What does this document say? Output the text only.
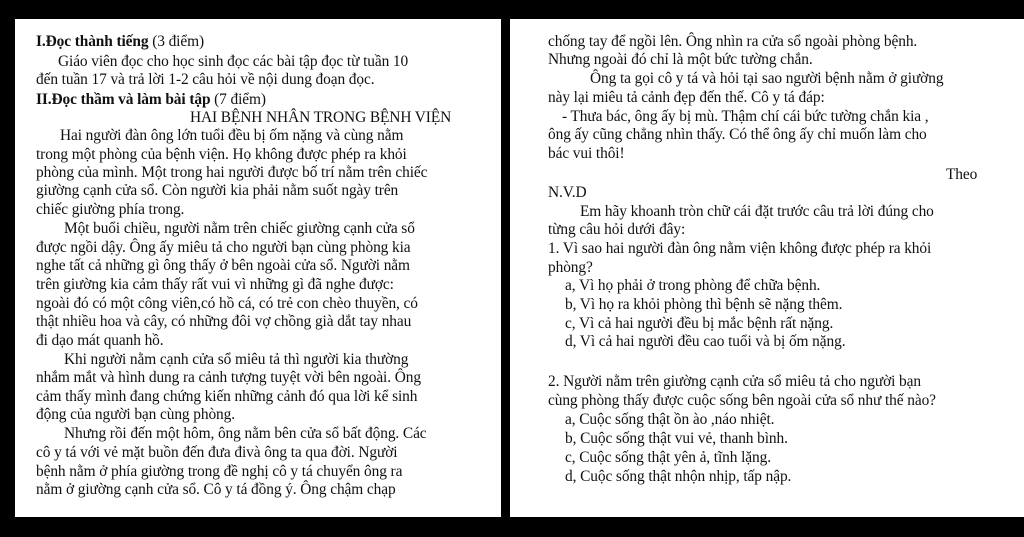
I.Đọc thành tiếng (3 điểm)
Giáo viên đọc cho học sinh đọc các bài tập đọc từ tuần 10
đến tuần 17 và trả lời 1-2 câu hỏi về nội dung đoạn đọc.
II.Đọc thầm và làm bài tập (7 điểm)
HAI BỆNH NHÂN TRONG BỆNH VIỆN
Hai người đàn ông lớn tuổi đều bị ốm nặng và cùng nằm
trong một phòng của bệnh viện. Họ không được phép ra khỏi
phòng của mình. Một trong hai người được bố trí nằm trên chiếc
giường cạnh cửa sổ. Còn người kia phải nằm suốt ngày trên
chiếc giường phía trong.
Một buổi chiều, người nằm trên chiếc giường cạnh cửa sổ
được ngồi dậy. Ông ấy miêu tả cho người bạn cùng phòng kia
nghe tất cả những gì ông thấy ở bên ngoài cửa sổ. Người nằm
trên giường kia cảm thấy rất vui vì những gì đã nghe được:
ngoài đó có một công viên,có hồ cá, có trẻ con chèo thuyền, có
thật nhiều hoa và cây, có những đôi vợ chồng già dắt tay nhau
đi dạo mát quanh hồ.
Khi người nằm cạnh cửa sổ miêu tả thì người kia thường
nhắm mắt và hình dung ra cảnh tượng tuyệt vời bên ngoài. Ông
cảm thấy mình đang chứng kiến những cảnh đó qua lời kể sinh
động của người bạn cùng phòng.
Nhưng rồi đến một hôm, ông nằm bên cửa sổ bất động. Các
cô y tá với vẻ mặt buồn đến đưa đivà ông ta qua đời. Người
bệnh nằm ở phía giường trong đề nghị cô y tá chuyển ông ra
nằm ở giường cạnh cửa sổ. Cô y tá đồng ý. Ông chậm chạp
chống tay để ngồi lên. Ông nhìn ra cửa sổ ngoài phòng bệnh.
Nhưng ngoài đó chỉ là một bức tường chắn.
Ông ta gọi cô y tá và hỏi tại sao người bệnh nằm ở giường
này lại miêu tả cảnh đẹp đến thế. Cô y tá đáp:
- Thưa bác, ông ấy bị mù. Thậm chí cái bức tường chắn kia ,
ông ấy cũng chẳng nhìn thấy. Có thể ông ấy chỉ muốn làm cho
bác vui thôi!
Theo
N.V.D
Em hãy khoanh tròn chữ cái đặt trước câu trả lời đúng cho
từng câu hỏi dưới đây:
1. Vì sao hai người đàn ông nằm viện không được phép ra khỏi
phòng?
a, Vì họ phải ở trong phòng để chữa bệnh.
b, Vì họ ra khỏi phòng thì bệnh sẽ nặng thêm.
c, Vì cả hai người đều bị mắc bệnh rất nặng.
d, Vì cả hai người đều cao tuổi và bị ốm nặng.
2. Người nằm trên giường cạnh cửa sổ miêu tả cho người bạn
cùng phòng thấy được cuộc sống bên ngoài cửa sổ như thế nào?
a, Cuộc sống thật ồn ào ,náo nhiệt.
b, Cuộc sống thật vui vẻ, thanh bình.
c, Cuộc sống thật yên ả, tĩnh lặng.
d, Cuộc sống thật nhộn nhịp, tấp nập.
